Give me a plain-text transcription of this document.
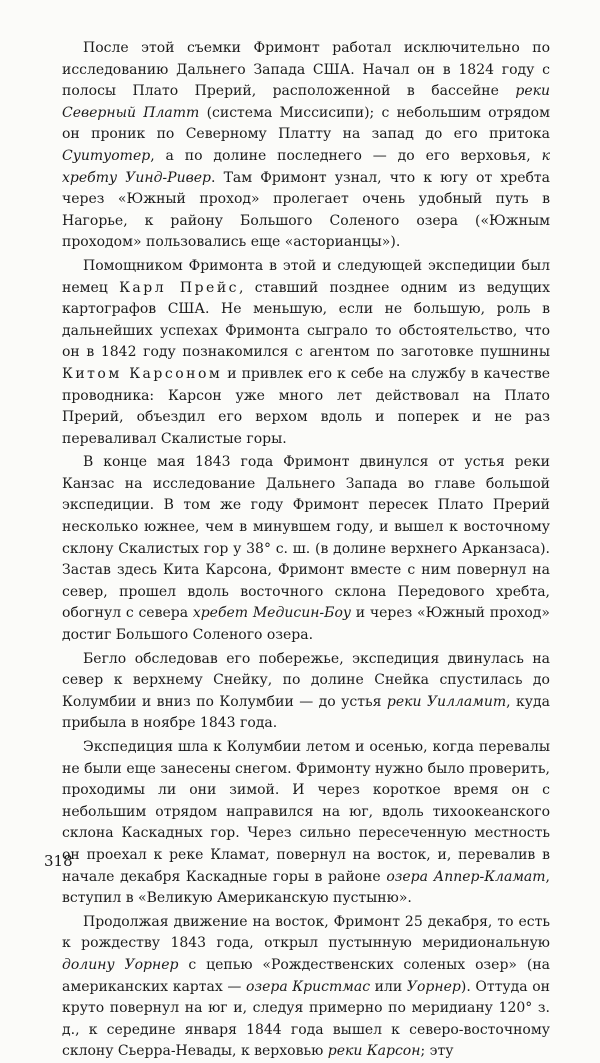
После этой съемки Фримонт работал исключительно по исследованию Дальнего Запада США. Начал он в 1824 году с полосы Плато Прерий, расположенной в бассейне реки Северный Платт (система Миссисипи); с небольшим отрядом он проник по Северному Платту на запад до его притока Суитуотер, а по долине последнего — до его верховья, к хребту Уинд-Ривер. Там Фримонт узнал, что к югу от хребта через «Южный проход» пролегает очень удобный путь в Нагорье, к району Большого Соленого озера («Южным проходом» пользовались еще «асторианцы»).

Помощником Фримонта в этой и следующей экспедиции был немец Карл Прейс, ставший позднее одним из ведущих картографов США. Не меньшую, если не большую, роль в дальнейших успехах Фримонта сыграло то обстоятельство, что он в 1842 году познакомился с агентом по заготовке пушнины Китом Карсоном и привлек его к себе на службу в качестве проводника: Карсон уже много лет действовал на Плато Прерий, объездил его верхом вдоль и поперек и не раз переваливал Скалистые горы.

В конце мая 1843 года Фримонт двинулся от устья реки Канзас на исследование Дальнего Запада во главе большой экспедиции. В том же году Фримонт пересек Плато Прерий несколько южнее, чем в минувшем году, и вышел к восточному склону Скалистых гор у 38° с. ш. (в долине верхнего Арканзаса). Застав здесь Кита Карсона, Фримонт вместе с ним повернул на север, прошел вдоль восточного склона Передового хребта, обогнул с севера хребет Медисин-Боу и через «Южный проход» достиг Большого Соленого озера.

Бегло обследовав его побережье, экспедиция двинулась на север к верхнему Снейку, по долине Снейка спустилась до Колумбии и вниз по Колумбии — до устья реки Уилламит, куда прибыла в ноябре 1843 года.

Экспедиция шла к Колумбии летом и осенью, когда перевалы не были еще занесены снегом. Фримонту нужно было проверить, проходимы ли они зимой. И через короткое время он с небольшим отрядом направился на юг, вдоль тихоокеанского склона Каскадных гор. Через сильно пересеченную местность он проехал к реке Кламат, повернул на восток, и, перевалив в начале декабря Каскадные горы в районе озера Аппер-Кламат, вступил в «Великую Американскую пустыню».

Продолжая движение на восток, Фримонт 25 декабря, то есть к рождеству 1843 года, открыл пустынную меридиональную долину Уорнер с цепью «Рождественских соленых озер» (на американских картах — озера Кристмас или Уорнер). Оттуда он круто повернул на юг и, следуя примерно по меридиану 120° з. д., к середине января 1844 года вышел к северо-восточному склону Сьерра-Невады, к верховью реки Карсон; эту

318
